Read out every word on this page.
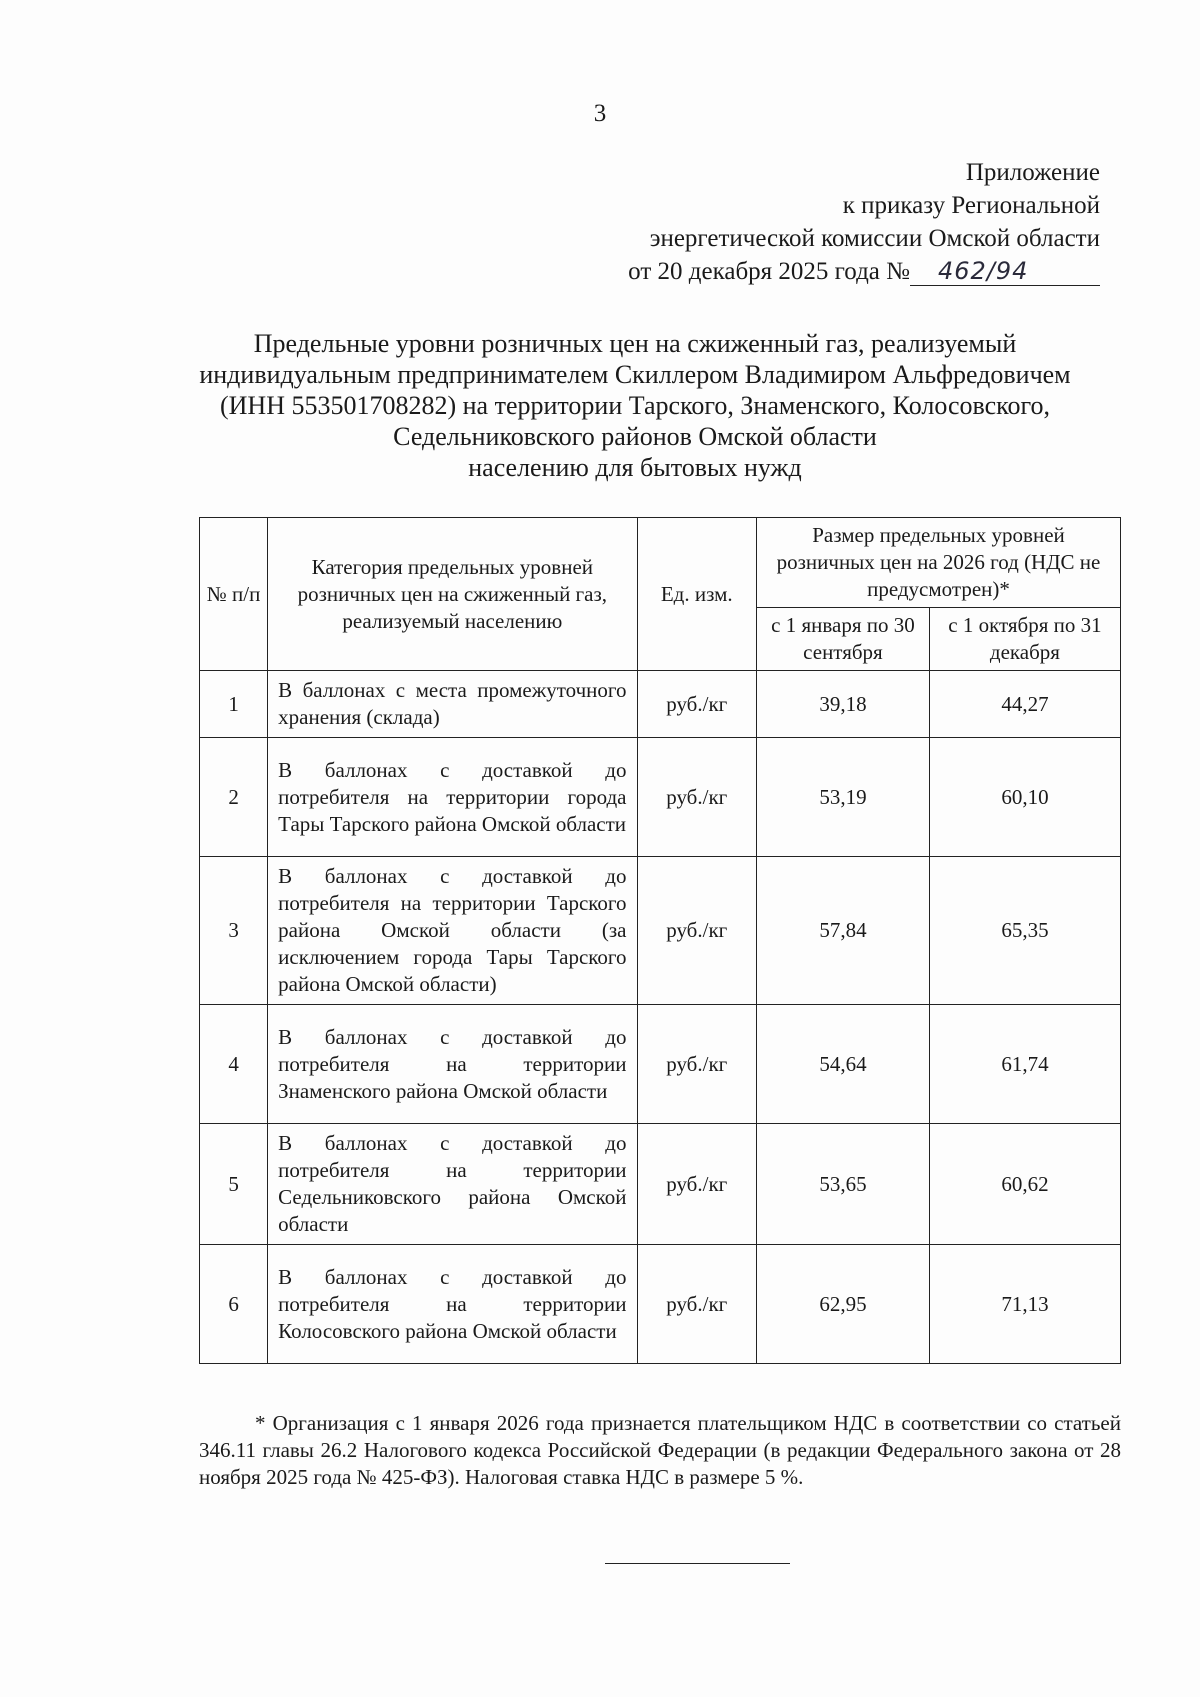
3
Приложение
к приказу Региональной
энергетической комиссии Омской области
от 20 декабря 2025 года № 462/94
Предельные уровни розничных цен на сжиженный газ, реализуемый
индивидуальным предпринимателем Скиллером Владимиром Альфредовичем
(ИНН 553501708282) на территории Тарского, Знаменского, Колосовского,
Седельниковского районов Омской области
населению для бытовых нужд
№ п/п	Категория предельных уровней розничных цен на сжиженный газ, реализуемый населению	Ед. изм.	Размер предельных уровней розничных цен на 2026 год (НДС не предусмотрен)*	
			с 1 января по 30 сентября	с 1 октября по 31 декабря
1	В баллонах с места промежуточного хранения (склада)	руб./кг	39,18	44,27
2	В баллонах с доставкой до потребителя на территории города Тары Тарского района Омской области	руб./кг	53,19	60,10
3	В баллонах с доставкой до потребителя на территории Тарского района Омской области (за исключением города Тары Тарского района Омской области)	руб./кг	57,84	65,35
4	В баллонах с доставкой до потребителя на территории Знаменского района Омской области	руб./кг	54,64	61,74
5	В баллонах с доставкой до потребителя на территории Седельниковского района Омской области	руб./кг	53,65	60,62
6	В баллонах с доставкой до потребителя на территории Колосовского района Омской области	руб./кг	62,95	71,13
* Организация с 1 января 2026 года признается плательщиком НДС в соответствии со статьей 346.11 главы 26.2 Налогового кодекса Российской Федерации (в редакции Федерального закона от 28 ноября 2025 года № 425-ФЗ). Налоговая ставка НДС в размере 5 %.
